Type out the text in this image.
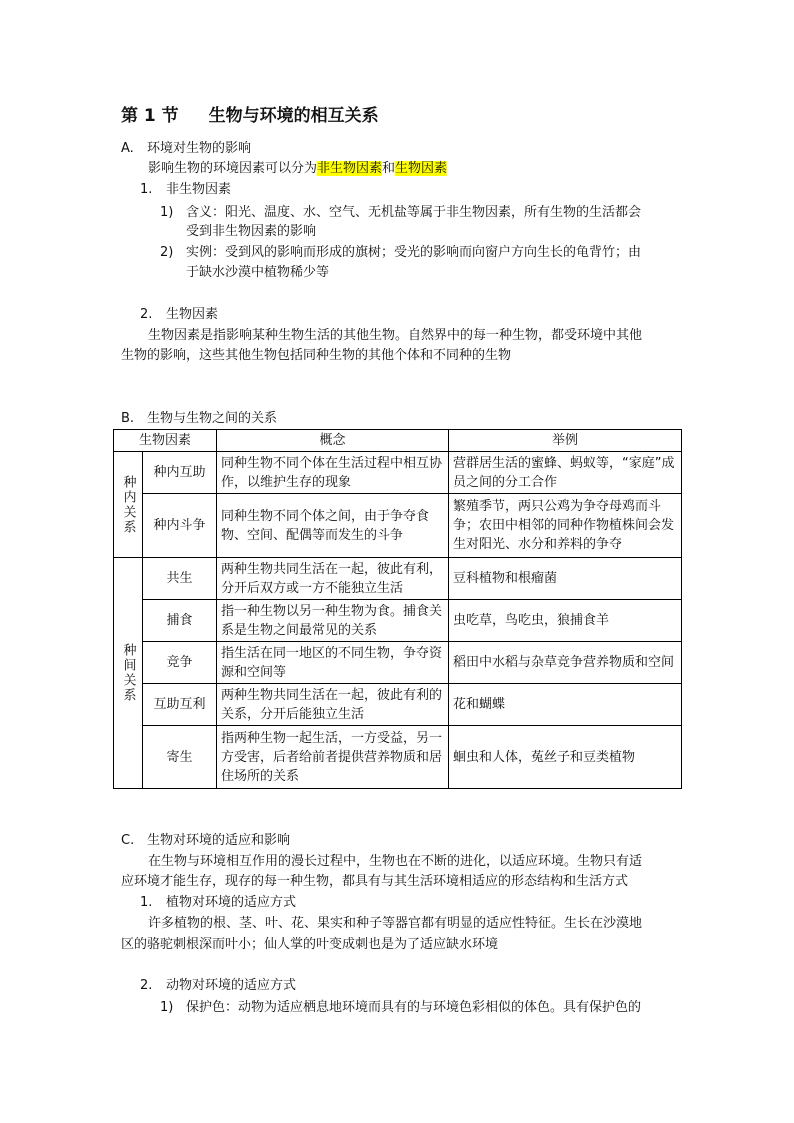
第 1 节 生物与环境的相互关系
A. 环境对生物的影响
影响生物的环境因素可以分为非生物因素和生物因素
1. 非生物因素
1) 含义：阳光、温度、水、空气、无机盐等属于非生物因素，所有生物的生活都会
受到非生物因素的影响
2) 实例：受到风的影响而形成的旗树；受光的影响而向窗户方向生长的龟背竹；由
于缺水沙漠中植物稀少等
2. 生物因素
生物因素是指影响某种生物生活的其他生物。自然界中的每一种生物，都受环境中其他
生物的影响，这些其他生物包括同种生物的其他个体和不同种的生物
B. 生物与生物之间的关系
生物因素		概念	举例

种内关系	种内互助	同种生物不同个体在生活过程中相互协作，以维护生存的现象	营群居生活的蜜蜂、蚂蚁等，“家庭”成员之间的分工合作
	种内斗争	同种生物不同个体之间，由于争夺食物、空间、配偶等而发生的斗争	繁殖季节，两只公鸡为争夺母鸡而斗争；农田中相邻的同种作物植株间会发生对阳光、水分和养料的争夺

种间关系	共生	两种生物共同生活在一起，彼此有利，分开后双方或一方不能独立生活	豆科植物和根瘤菌
	捕食	指一种生物以另一种生物为食。捕食关系是生物之间最常见的关系	虫吃草，鸟吃虫，狼捕食羊
	竞争	指生活在同一地区的不同生物，争夺资源和空间等	稻田中水稻与杂草竞争营养物质和空间
	互助互利	两种生物共同生活在一起，彼此有利的关系，分开后能独立生活	花和蝴蝶
	寄生	指两种生物一起生活，一方受益，另一方受害，后者给前者提供营养物质和居住场所的关系	蛔虫和人体，菟丝子和豆类植物
C. 生物对环境的适应和影响
在生物与环境相互作用的漫长过程中，生物也在不断的进化，以适应环境。生物只有适
应环境才能生存，现存的每一种生物，都具有与其生活环境相适应的形态结构和生活方式
1. 植物对环境的适应方式
许多植物的根、茎、叶、花、果实和种子等器官都有明显的适应性特征。生长在沙漠地
区的骆驼刺根深而叶小；仙人掌的叶变成刺也是为了适应缺水环境
2. 动物对环境的适应方式
1) 保护色：动物为适应栖息地环境而具有的与环境色彩相似的体色。具有保护色的
